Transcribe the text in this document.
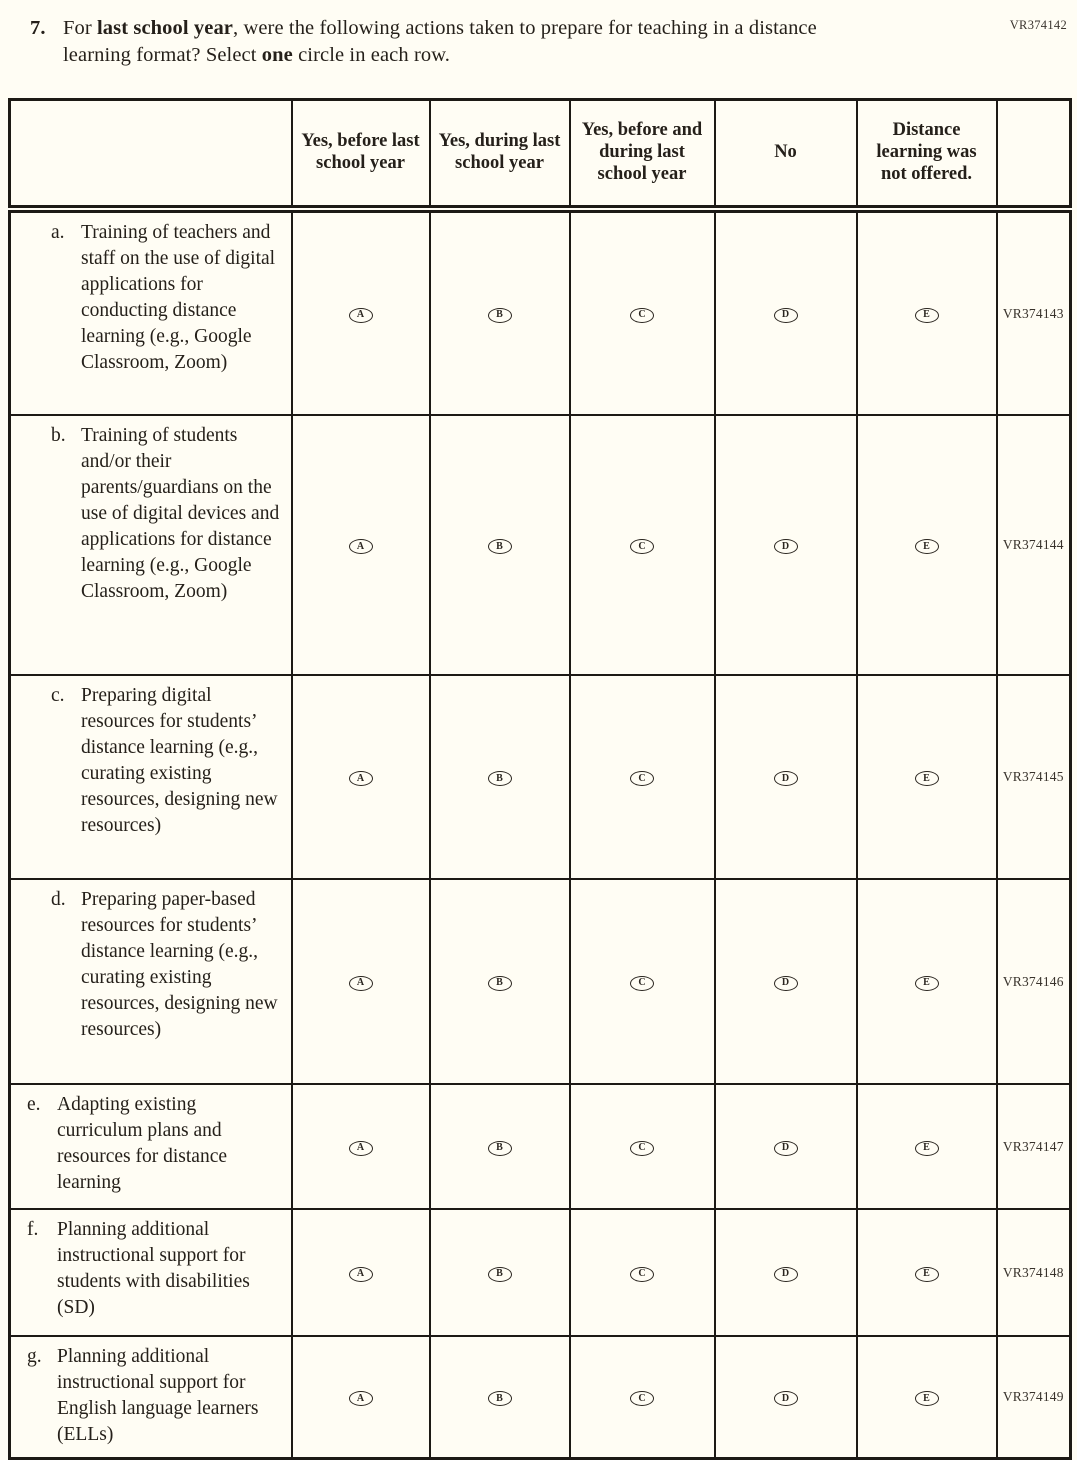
VR374142
7. For last school year, were the following actions taken to prepare for teaching in a distance learning format? Select one circle in each row.
	Yes, before last school year	Yes, during last school year	Yes, before and during last school year	No	Distance learning was not offered.	

a. Training of teachers and staff on the use of digital applications for conducting distance learning (e.g., Google Classroom, Zoom)	A	B	C	D	E	VR374143

b. Training of students and/or their parents/guardians on the use of digital devices and applications for distance learning (e.g., Google Classroom, Zoom)	A	B	C	D	E	VR374144

c. Preparing digital resources for students’ distance learning (e.g., curating existing resources, designing new resources)	A	B	C	D	E	VR374145

d. Preparing paper-based resources for students’ distance learning (e.g., curating existing resources, designing new resources)	A	B	C	D	E	VR374146

e. Adapting existing curriculum plans and resources for distance learning	A	B	C	D	E	VR374147

f. Planning additional instructional support for students with disabilities (SD)	A	B	C	D	E	VR374148

g. Planning additional instructional support for English language learners (ELLs)	A	B	C	D	E	VR374149
